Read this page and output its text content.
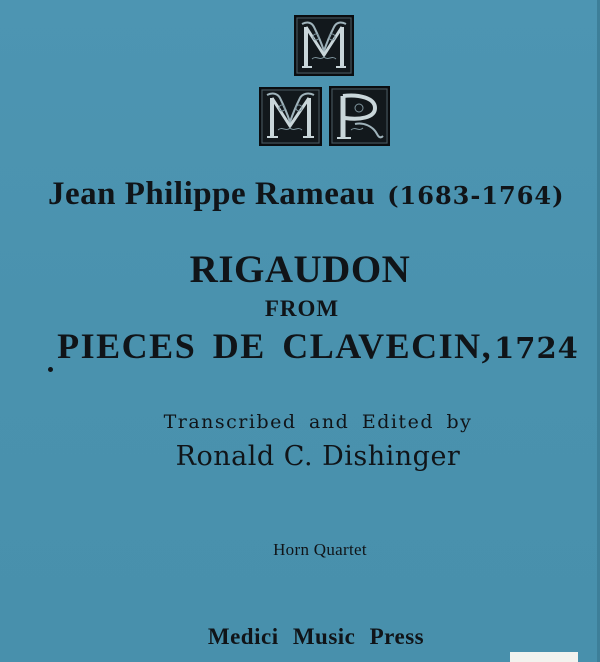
Jean Philippe Rameau (1683-1764)
RIGAUDON
FROM
PIECES DE CLAVECIN,1724
Transcribed and Edited by
Ronald C. Dishinger
Horn Quartet
Medici Music Press
